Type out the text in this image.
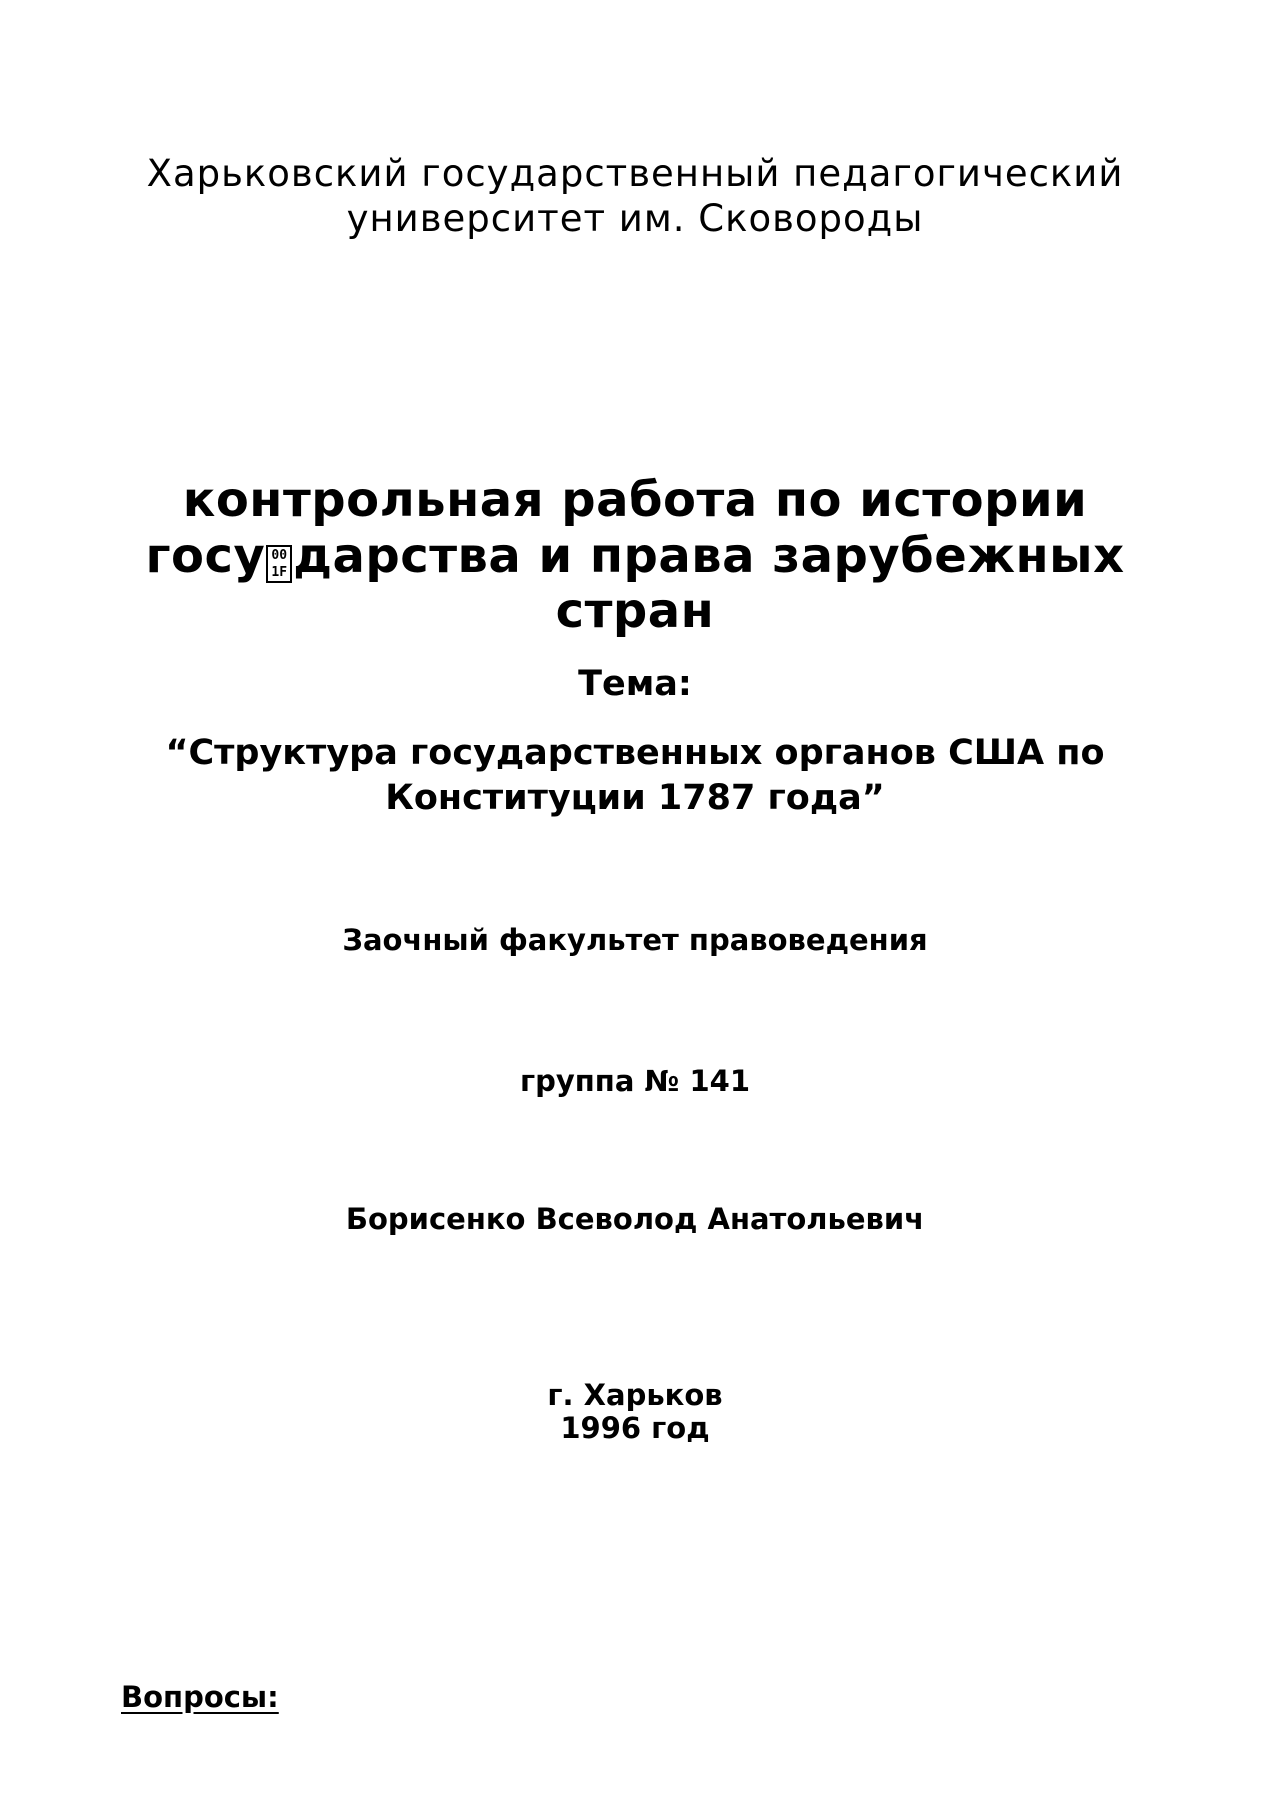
Харьковский государственный педагогический
университет им. Сковороды
контрольная работа по истории
госу 00
1F дарства и права зарубежных
стран
Тема:
“Структура государственных органов США по
Конституции 1787 года”
Заочный факультет правоведения
группа № 141
Борисенко Всеволод Анатольевич
г. Харьков
1996 год
Вопросы:
